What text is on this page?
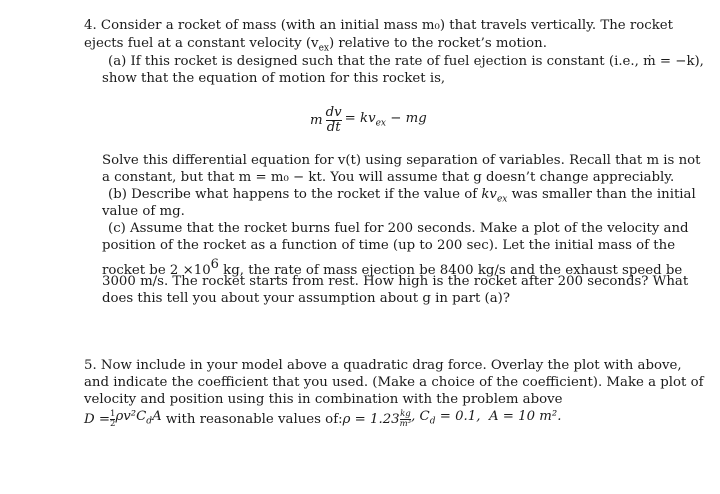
4. Consider a rocket of mass (with an initial mass m₀) that travels vertically. The rocket
ejects fuel at a constant velocity $(v_{ex})$ relative to the rocket’s motion.
(a) If this rocket is designed such that the rate of fuel ejection is constant (i.e., ṁ = −k),
show that the equation of motion for this rocket is,
m $\frac{dv}{dt} = kv_{ex}$ − mg
Solve this differential equation for v(t) using separation of variables. Recall that m is not
a constant, but that m = m₀ − kt. You will assume that g doesn’t change appreciably.
(b) Describe what happens to the rocket if the value of $kv_{ex}$ was smaller than the initial
value of mg.
(c) Assume that the rocket burns fuel for 200 seconds. Make a plot of the velocity and
position of the rocket as a function of time (up to 200 sec). Let the initial mass of the
rocket be $2 \times 10^6$ kg, the rate of mass ejection be 8400 kg/s and the exhaust speed be
3000 m/s. The rocket starts from rest. How high is the rocket after 200 seconds? What
does this tell you about your assumption about g in part (a)?
5. Now include in your model above a quadratic drag force. Overlay the plot with above,
and indicate the coefficient that you used. (Make a choice of the coefficient). Make a plot of
velocity and position using this in combination with the problem above
$D = \frac{1}{2} \rho v^2C_dA$
with reasonable values of: $\rho = 1.23 \frac{kg}{\text{m³}}$ , $C_d = 0.1$,  A = 10 m².
